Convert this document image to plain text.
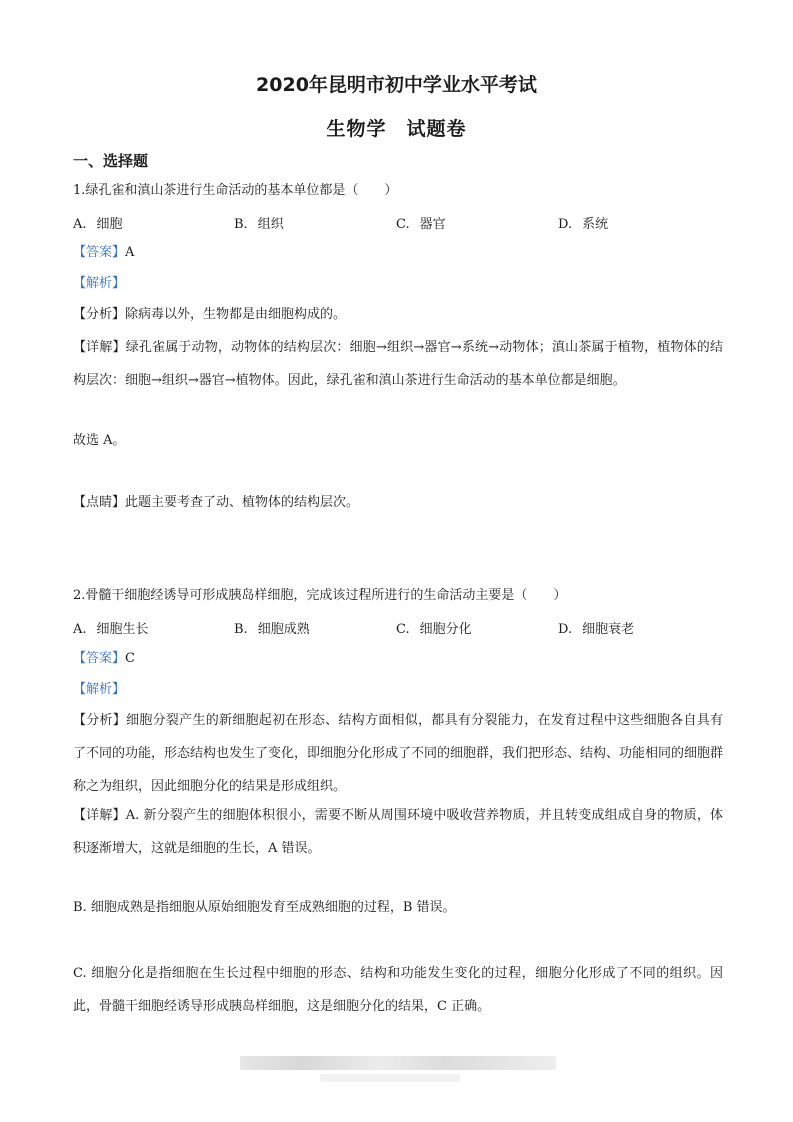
2020年昆明市初中学业水平考试
生物学　试题卷
一、选择题
1.绿孔雀和滇山茶进行生命活动的基本单位都是（　　）
A. 细胞	B. 组织	C. 器官	D. 系统
【答案】A
【解析】
【分析】除病毒以外，生物都是由细胞构成的。
【详解】绿孔雀属于动物，动物体的结构层次：细胞→组织→器官→系统→动物体；滇山茶属于植物，植物体的结构层次：细胞→组织→器官→植物体。因此，绿孔雀和滇山茶进行生命活动的基本单位都是细胞。
故选 A。
【点睛】此题主要考查了动、植物体的结构层次。
2.骨髓干细胞经诱导可形成胰岛样细胞，完成该过程所进行的生命活动主要是（　　）
A. 细胞生长	B. 细胞成熟	C. 细胞分化	D. 细胞衰老
【答案】C
【解析】
【分析】细胞分裂产生的新细胞起初在形态、结构方面相似，都具有分裂能力，在发育过程中这些细胞各自具有了不同的功能，形态结构也发生了变化，即细胞分化形成了不同的细胞群，我们把形态、结构、功能相同的细胞群称之为组织，因此细胞分化的结果是形成组织。
【详解】A. 新分裂产生的细胞体积很小，需要不断从周围环境中吸收营养物质，并且转变成组成自身的物质，体积逐渐增大，这就是细胞的生长，A 错误。
B. 细胞成熟是指细胞从原始细胞发育至成熟细胞的过程，B 错误。
C. 细胞分化是指细胞在生长过程中细胞的形态、结构和功能发生变化的过程，细胞分化形成了不同的组织。因此，骨髓干细胞经诱导形成胰岛样细胞，这是细胞分化的结果，C 正确。
